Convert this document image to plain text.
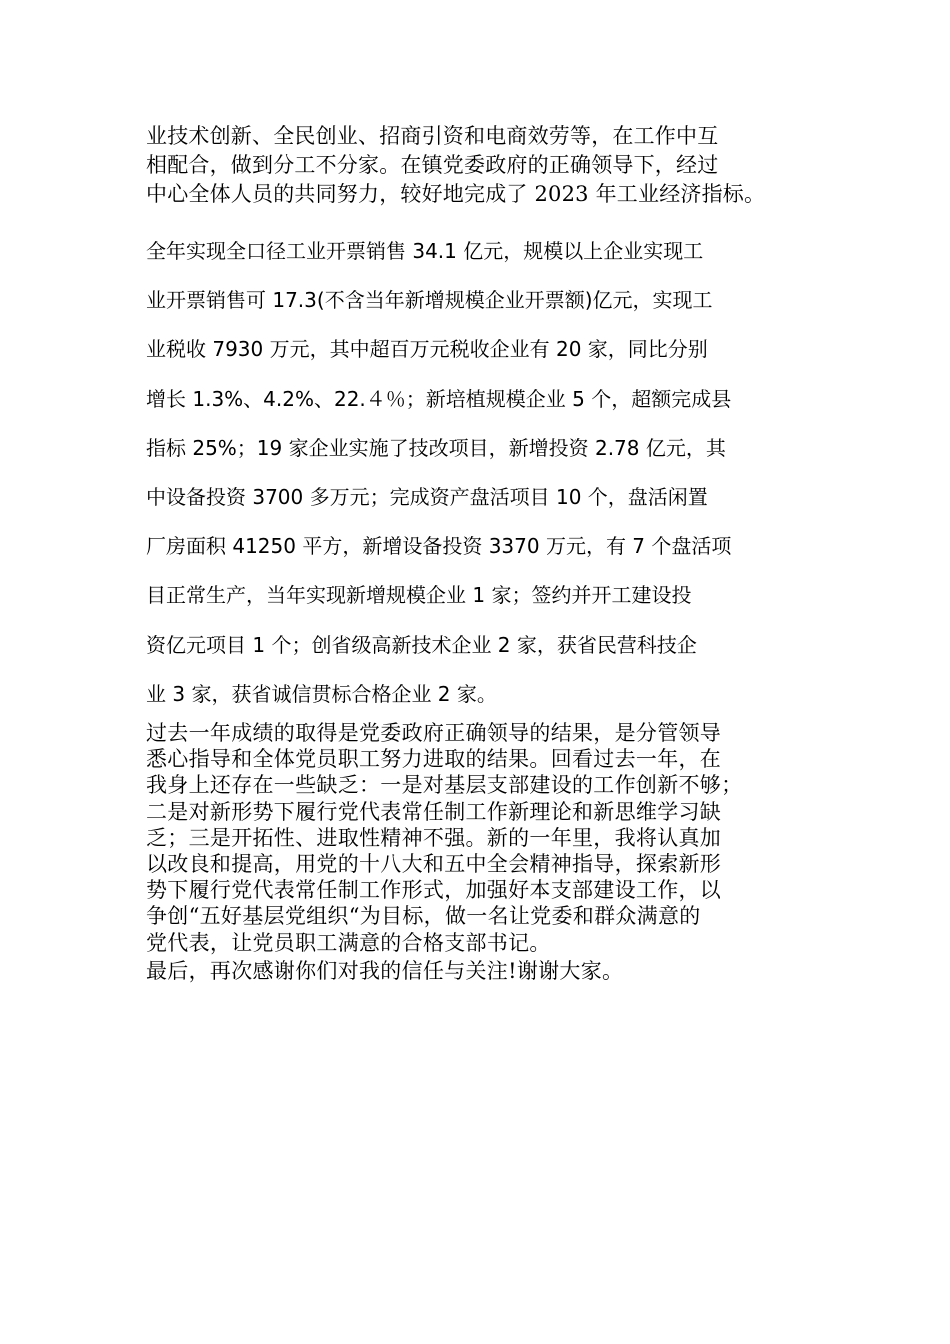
业技术创新、全民创业、招商引资和电商效劳等，在工作中互
相配合，做到分工不分家。在镇党委政府的正确领导下，经过
中心全体人员的共同努力，较好地完成了 2023 年工业经济指标。
全年实现全口径工业开票销售 34.1 亿元，规模以上企业实现工
业开票销售可 17.3(不含当年新增规模企业开票额)亿元，实现工
业税收 7930 万元，其中超百万元税收企业有 20 家，同比分别
增长 1.3%、4.2%、22.４％；新培植规模企业 5 个，超额完成县
指标 25%；19 家企业实施了技改项目，新增投资 2.78 亿元，其
中设备投资 3700 多万元；完成资产盘活项目 10 个，盘活闲置
厂房面积 41250 平方，新增设备投资 3370 万元，有 7 个盘活项
目正常生产，当年实现新增规模企业 1 家；签约并开工建设投
资亿元项目 1 个；创省级高新技术企业 2 家，获省民营科技企
业 3 家，获省诚信贯标合格企业 2 家。
过去一年成绩的取得是党委政府正确领导的结果，是分管领导
悉心指导和全体党员职工努力进取的结果。回看过去一年，在
我身上还存在一些缺乏：一是对基层支部建设的工作创新不够；
二是对新形势下履行党代表常任制工作新理论和新思维学习缺
乏；三是开拓性、进取性精神不强。新的一年里，我将认真加
以改良和提高，用党的十八大和五中全会精神指导，探索新形
势下履行党代表常任制工作形式，加强好本支部建设工作，以
争创“五好基层党组织“为目标，做一名让党委和群众满意的
党代表，让党员职工满意的合格支部书记。
最后，再次感谢你们对我的信任与关注!谢谢大家。
